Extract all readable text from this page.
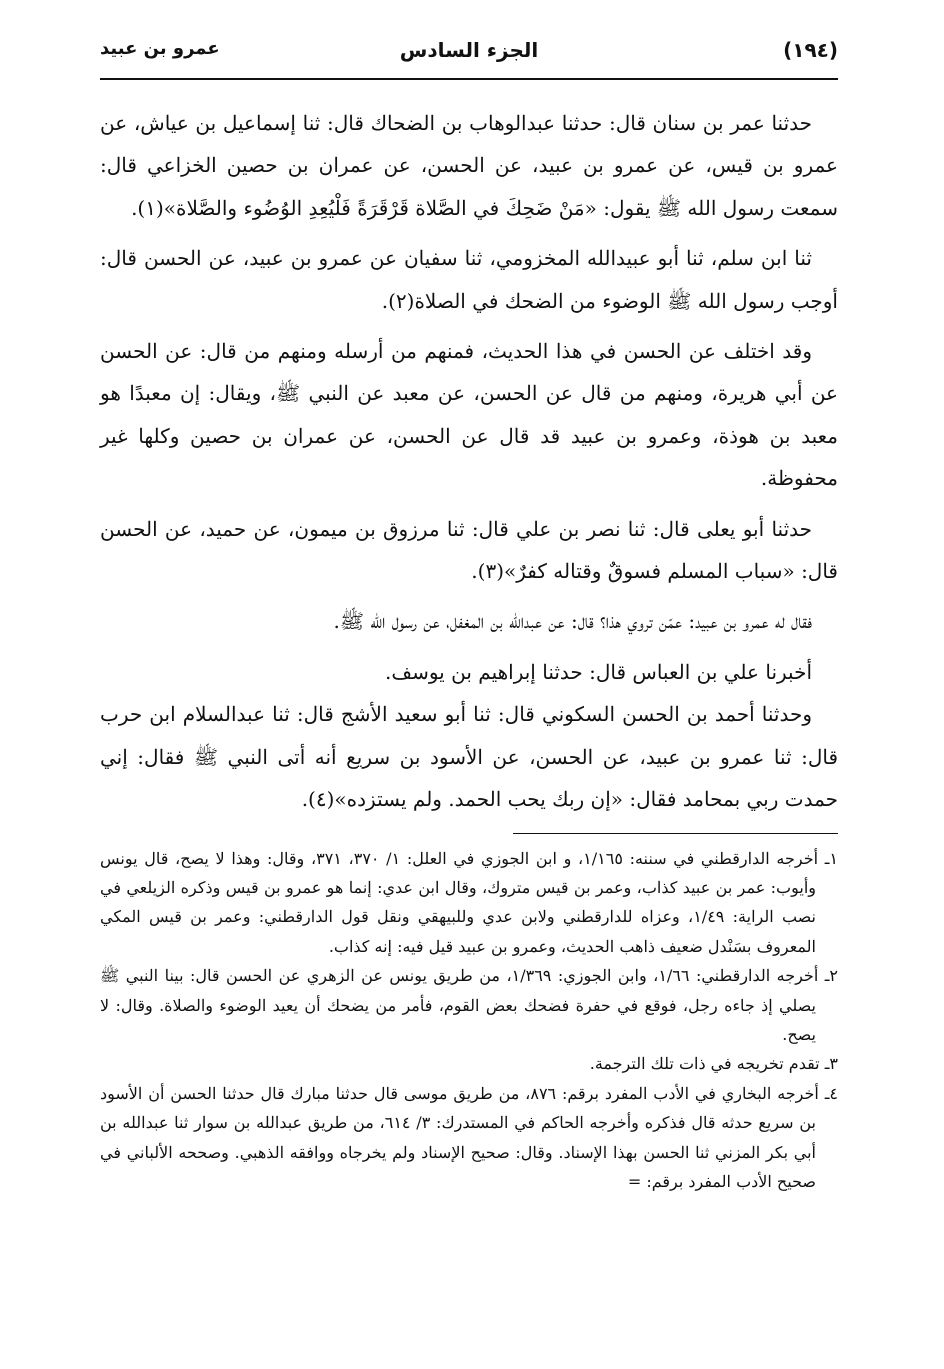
(١٩٤)
الجزء السادس
عمرو بن عبيد

حدثنا عمر بن سنان قال: حدثنا عبدالوهاب بن الضحاك قال: ثنا إسماعيل بن عياش، عن عمرو بن قيس، عن عمرو بن عبيد، عن الحسن، عن عمران بن حصين الخزاعي قال: سمعت رسول الله ﷺ يقول: «مَنْ ضَحِكَ في الصَّلاة قَرْقَرَةً فَلْيُعِدِ الوُضُوء والصَّلاة»(١).

ثنا ابن سلم، ثنا أبو عبيدالله المخزومي، ثنا سفيان عن عمرو بن عبيد، عن الحسن قال: أوجب رسول الله ﷺ الوضوء من الضحك في الصلاة(٢).

وقد اختلف عن الحسن في هذا الحديث، فمنهم من أرسله ومنهم من قال: عن الحسن عن أبي هريرة، ومنهم من قال عن الحسن، عن معبد عن النبي ﷺ، ويقال: إن معبدًا هو معبد بن هوذة، وعمرو بن عبيد قد قال عن الحسن، عن عمران بن حصين وكلها غير محفوظة.

حدثنا أبو يعلى قال: ثنا نصر بن علي قال: ثنا مرزوق بن ميمون، عن حميد، عن الحسن قال: «سباب المسلم فسوقٌ وقتاله كفرٌ»(٣).

فقال له عمرو بن عبيد: عمّن تروي هذا؟ قال: عن عبدالله بن المغفل، عن رسول الله ﷺ.

أخبرنا علي بن العباس قال: حدثنا إبراهيم بن يوسف.

وحدثنا أحمد بن الحسن السكوني قال: ثنا أبو سعيد الأشج قال: ثنا عبدالسلام ابن حرب قال: ثنا عمرو بن عبيد، عن الحسن، عن الأسود بن سريع أنه أتى النبي ﷺ فقال: إني حمدت ربي بمحامد فقال: «إن ربك يحب الحمد. ولم يستزده»(٤).

١ـ أخرجه الدارقطني في سننه: ١/١٦٥، و ابن الجوزي في العلل: ١/ ٣٧٠، ٣٧١، وقال: وهذا لا يصح، قال يونس وأيوب: عمر بن عبيد كذاب، وعمر بن قيس متروك، وقال ابن عدي: إنما هو عمرو بن قيس وذكره الزيلعي في نصب الراية: ١/٤٩، وعزاه للدارقطني ولابن عدي وللبيهقي ونقل قول الدارقطني: وعمر بن قيس المكي المعروف بسَنْدل ضعيف ذاهب الحديث، وعمرو بن عبيد قيل فيه: إنه كذاب.

٢ـ أخرجه الدارقطني: ١/٦٦، وابن الجوزي: ١/٣٦٩، من طريق يونس عن الزهري عن الحسن قال: بينا النبي ﷺ يصلي إذ جاءه رجل، فوقع في حفرة فضحك بعض القوم، فأمر من يضحك أن يعيد الوضوء والصلاة. وقال: لا يصح.

٣ـ تقدم تخريجه في ذات تلك الترجمة.

٤ـ أخرجه البخاري في الأدب المفرد برقم: ٨٧٦، من طريق موسى قال حدثنا مبارك قال حدثنا الحسن أن الأسود بن سريع حدثه قال فذكره وأخرجه الحاكم في المستدرك: ٣/ ٦١٤، من طريق عبدالله بن سوار ثنا عبدالله بن أبي بكر المزني ثنا الحسن بهذا الإسناد. وقال: صحيح الإسناد ولم يخرجاه ووافقه الذهبي. وصححه الألباني في صحيح الأدب المفرد برقم: =
